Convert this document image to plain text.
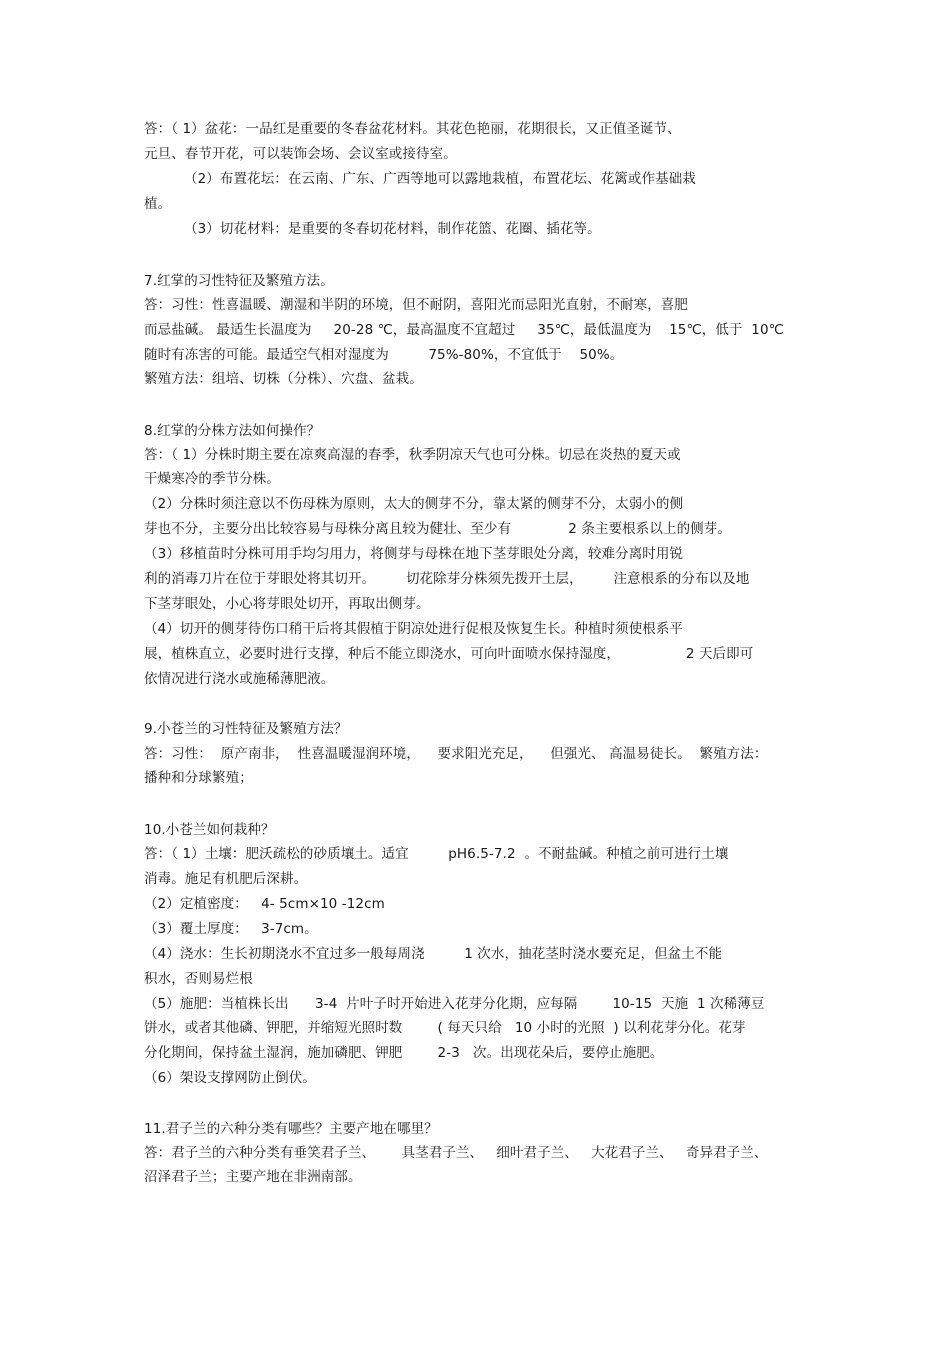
答：（ 1）盆花：一品红是重要的冬春盆花材料。其花色艳丽，花期很长，又正值圣诞节、
元旦、春节开花，可以装饰会场、会议室或接待室。
（2）布置花坛：在云南、广东、广西等地可以露地栽植，布置花坛、花篱或作基础栽
植。
（3）切花材料：是重要的冬春切花材料，制作花篮、花圈、插花等。
7.红掌的习性特征及繁殖方法。
答：习性：性喜温暖、潮湿和半阴的环境，但不耐阴，喜阳光而忌阳光直射，不耐寒，喜肥
而忌盐碱。 最适生长温度为     20-28 ℃，最高温度不宜超过     35℃，最低温度为    15℃，低于  10℃
随时有冻害的可能。最适空气相对湿度为         75%-80%，不宜低于    50%。
繁殖方法：组培、切株（分株）、穴盘、盆栽。
8.红掌的分株方法如何操作？
答：（ 1）分株时期主要在凉爽高湿的春季，秋季阴凉天气也可分株。切忌在炎热的夏天或
干燥寒冷的季节分株。
（2）分株时须注意以不伤母株为原则，太大的侧芽不分，靠太紧的侧芽不分，太弱小的侧
芽也不分，主要分出比较容易与母株分离且较为健壮、至少有             2 条主要根系以上的侧芽。
（3）移植苗时分株可用手均匀用力，将侧芽与母株在地下茎芽眼处分离，较难分离时用锐
利的消毒刀片在位于芽眼处将其切开。       切花除芽分株须先拨开土层，       注意根系的分布以及地
下茎芽眼处，小心将芽眼处切开，再取出侧芽。
（4）切开的侧芽待伤口稍干后将其假植于阴凉处进行促根及恢复生长。种植时须使根系平
展，植株直立，必要时进行支撑，种后不能立即浇水，可向叶面喷水保持湿度，               2 天后即可
依情况进行浇水或施稀薄肥液。
9.小苍兰的习性特征及繁殖方法？
答：习性：  原产南非，  性喜温暖湿润环境，    要求阳光充足，    但强光、 高温易徒长。  繁殖方法：
播种和分球繁殖；
10.小苍兰如何栽种？
答：（ 1）土壤：肥沃疏松的砂质壤土。适宜         pH6.5-7.2  。不耐盐碱。种植之前可进行土壤
消毒。施足有机肥后深耕。
（2）定植密度：   4- 5cm×10 -12cm
（3）覆土厚度：   3-7cm。
（4）浇水：生长初期浇水不宜过多一般每周浇         1 次水，抽花茎时浇水要充足，但盆土不能
积水，否则易烂根
（5）施肥：当植株长出      3-4  片叶子时开始进入花芽分化期，应每隔        10-15  天施  1 次稀薄豆
饼水，或者其他磷、钾肥，并缩短光照时数        ( 每天只给   10 小时的光照  ) 以利花芽分化。花芽
分化期间，保持盆土湿润，施加磷肥、钾肥        2-3   次。出现花朵后，要停止施肥。
（6）架设支撑网防止倒伏。
11.君子兰的六种分类有哪些？主要产地在哪里？
答：君子兰的六种分类有垂笑君子兰、      具茎君子兰、   细叶君子兰、   大花君子兰、   奇异君子兰、
沼泽君子兰；主要产地在非洲南部。
